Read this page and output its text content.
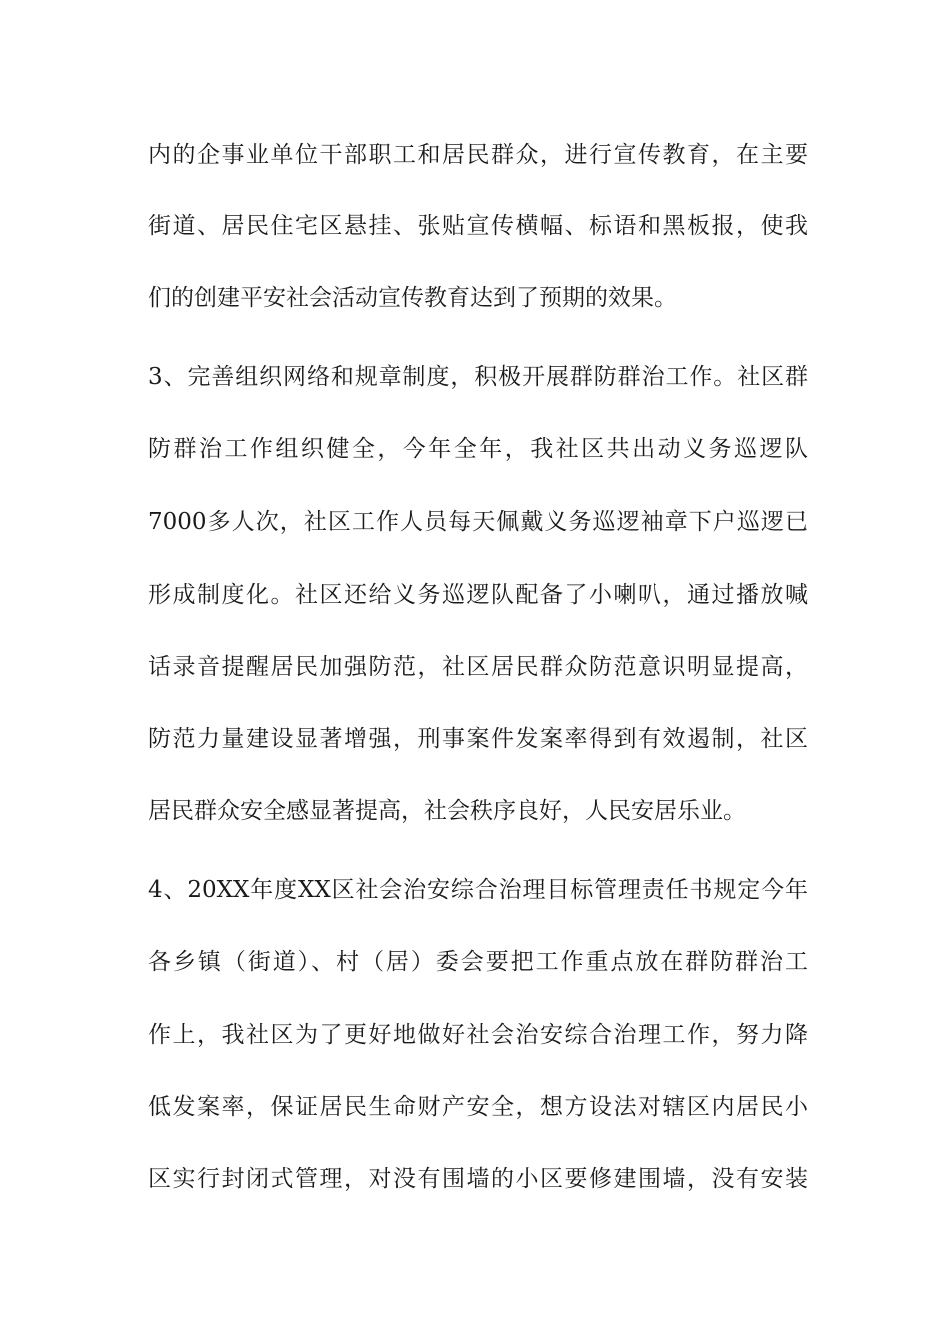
内的企事业单位干部职工和居民群众，进行宣传教育，在主要
街道、居民住宅区悬挂、张贴宣传横幅、标语和黑板报，使我
们的创建平安社会活动宣传教育达到了预期的效果。
3、完善组织网络和规章制度，积极开展群防群治工作。社区群
防群治工作组织健全，今年全年，我社区共出动义务巡逻队
7000多人次，社区工作人员每天佩戴义务巡逻袖章下户巡逻已
形成制度化。社区还给义务巡逻队配备了小喇叭，通过播放喊
话录音提醒居民加强防范，社区居民群众防范意识明显提高，
防范力量建设显著增强，刑事案件发案率得到有效遏制，社区
居民群众安全感显著提高，社会秩序良好，人民安居乐业。
4、20XX年度XX区社会治安综合治理目标管理责任书规定今年
各乡镇（街道）、村（居）委会要把工作重点放在群防群治工
作上，我社区为了更好地做好社会治安综合治理工作，努力降
低发案率，保证居民生命财产安全，想方设法对辖区内居民小
区实行封闭式管理，对没有围墙的小区要修建围墙，没有安装
